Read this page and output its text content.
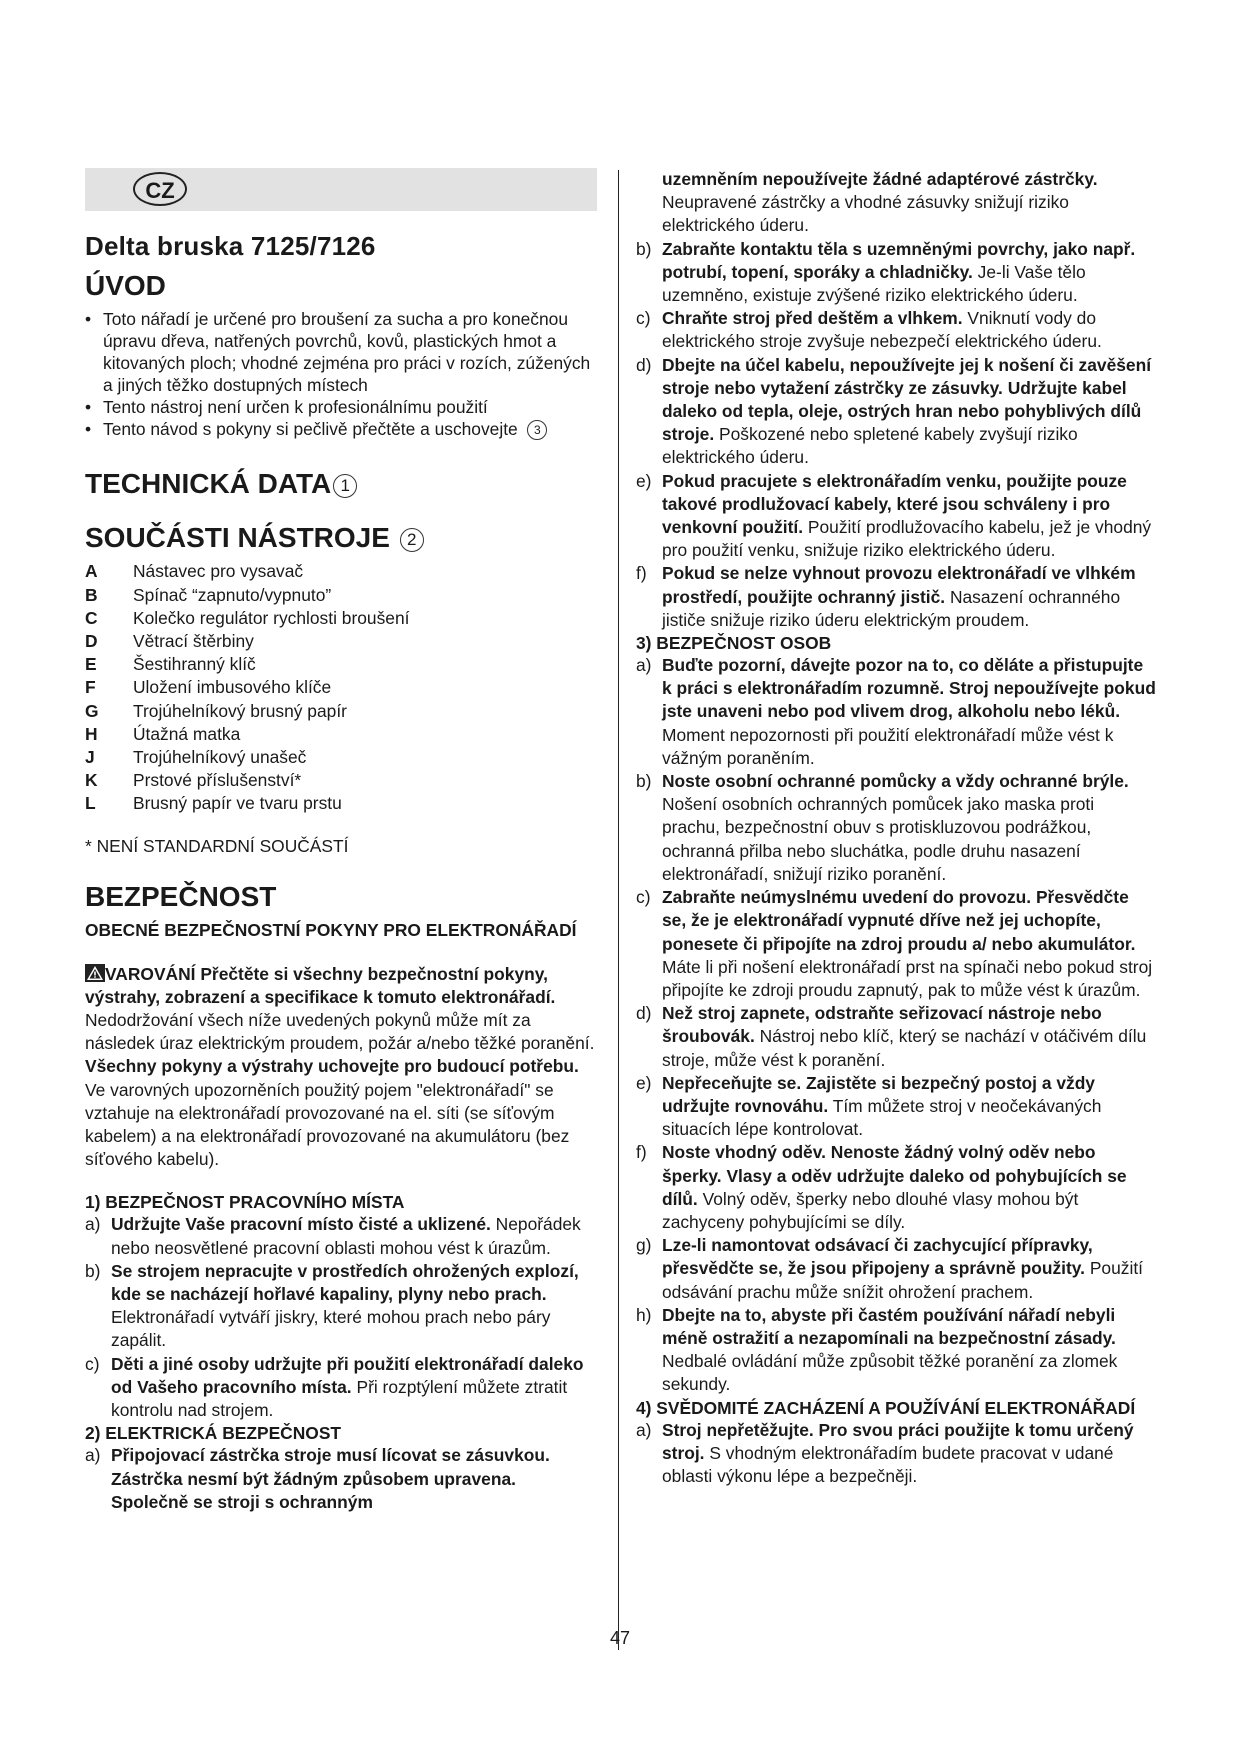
CZ
Delta bruska 7125/7126
ÚVOD
• Toto nářadí je určené pro broušení za sucha a pro konečnou úpravu dřeva, natřených povrchů, kovů, plastických hmot a kitovaných ploch; vhodné zejména pro práci v rozích, zúžených a jiných těžko dostupných místech
• Tento nástroj není určen k profesionálnímu použití
• Tento návod s pokyny si pečlivě přečtěte a uschovejte 3
TECHNICKÁ DATA 1
SOUČÁSTI NÁSTROJE 2
A	Nástavec pro vysavač
B	Spínač “zapnuto/vypnuto”
C	Kolečko regulátor rychlosti broušení
D	Větrací štěrbiny
E	Šestihranný klíč
F	Uložení imbusového klíče
G	Trojúhelníkový brusný papír
H	Útažná matka
J	Trojúhelníkový unašeč
K	Prstové příslušenství*
L	Brusný papír ve tvaru prstu
* NENÍ STANDARDNÍ SOUČÁSTÍ
BEZPEČNOST
OBECNÉ BEZPEČNOSTNÍ POKYNY PRO ELEKTRONÁŘADÍ
VAROVÁNÍ Přečtěte si všechny bezpečnostní pokyny, výstrahy, zobrazení a specifikace k tomuto elektronářadí. Nedodržování všech níže uvedených pokynů může mít za následek úraz elektrickým proudem, požár a/nebo těžké poranění. Všechny pokyny a výstrahy uchovejte pro budoucí potřebu. Ve varovných upozorněních použitý pojem "elektronářadí" se vztahuje na elektronářadí provozované na el. síti (se síťovým kabelem) a na elektronářadí provozované na akumulátoru (bez síťového kabelu).
1) BEZPEČNOST PRACOVNÍHO MÍSTA
a) Udržujte Vaše pracovní místo čisté a uklizené. Nepořádek nebo neosvětlené pracovní oblasti mohou vést k úrazům.
b) Se strojem nepracujte v prostředích ohrožených explozí, kde se nacházejí hořlavé kapaliny, plyny nebo prach. Elektronářadí vytváří jiskry, které mohou prach nebo páry zapálit.
c) Děti a jiné osoby udržujte při použití elektronářadí daleko od Vašeho pracovního místa. Při rozptýlení můžete ztratit kontrolu nad strojem.
2) ELEKTRICKÁ BEZPEČNOST
a) Připojovací zástrčka stroje musí lícovat se zásuvkou. Zástrčka nesmí být žádným způsobem upravena. Společně se stroji s ochranným
uzemněním nepoužívejte žádné adaptérové zástrčky. Neupravené zástrčky a vhodné zásuvky snižují riziko elektrického úderu.
b) Zabraňte kontaktu těla s uzemněnými povrchy, jako např. potrubí, topení, sporáky a chladničky. Je-li Vaše tělo uzemněno, existuje zvýšené riziko elektrického úderu.
c) Chraňte stroj před deštěm a vlhkem. Vniknutí vody do elektrického stroje zvyšuje nebezpečí elektrického úderu.
d) Dbejte na účel kabelu, nepoužívejte jej k nošení či zavěšení stroje nebo vytažení zástrčky ze zásuvky. Udržujte kabel daleko od tepla, oleje, ostrých hran nebo pohyblivých dílů stroje. Poškozené nebo spletené kabely zvyšují riziko elektrického úderu.
e) Pokud pracujete s elektronářadím venku, použijte pouze takové prodlužovací kabely, které jsou schváleny i pro venkovní použití. Použití prodlužovacího kabelu, jež je vhodný pro použití venku, snižuje riziko elektrického úderu.
f) Pokud se nelze vyhnout provozu elektronářadí ve vlhkém prostředí, použijte ochranný jistič. Nasazení ochranného jističe snižuje riziko úderu elektrickým proudem.
3) BEZPEČNOST OSOB
a) Buďte pozorní, dávejte pozor na to, co děláte a přistupujte k práci s elektronářadím rozumně. Stroj nepoužívejte pokud jste unaveni nebo pod vlivem drog, alkoholu nebo léků. Moment nepozornosti při použití elektronářadí může vést k vážným poraněním.
b) Noste osobní ochranné pomůcky a vždy ochranné brýle. Nošení osobních ochranných pomůcek jako maska proti prachu, bezpečnostní obuv s protiskluzovou podrážkou, ochranná přilba nebo sluchátka, podle druhu nasazení elektronářadí, snižují riziko poranění.
c) Zabraňte neúmyslnému uvedení do provozu. Přesvědčte se, že je elektronářadí vypnuté dříve než jej uchopíte, ponesete či připojíte na zdroj proudu a/ nebo akumulátor. Máte li při nošení elektronářadí prst na spínači nebo pokud stroj připojíte ke zdroji proudu zapnutý, pak to může vést k úrazům.
d) Než stroj zapnete, odstraňte seřizovací nástroje nebo šroubovák. Nástroj nebo klíč, který se nachází v otáčivém dílu stroje, může vést k poranění.
e) Nepřeceňujte se. Zajistěte si bezpečný postoj a vždy udržujte rovnováhu. Tím můžete stroj v neočekávaných situacích lépe kontrolovat.
f) Noste vhodný oděv. Nenoste žádný volný oděv nebo šperky. Vlasy a oděv udržujte daleko od pohybujících se dílů. Volný oděv, šperky nebo dlouhé vlasy mohou být zachyceny pohybujícími se díly.
g) Lze-li namontovat odsávací či zachycující přípravky, přesvědčte se, že jsou připojeny a správně použity. Použití odsávání prachu může snížit ohrožení prachem.
h) Dbejte na to, abyste při častém používání nářadí nebyli méně ostražití a nezapomínali na bezpečnostní zásady. Nedbalé ovládání může způsobit těžké poranění za zlomek sekundy.
4) SVĚDOMITÉ ZACHÁZENÍ A POUŽÍVÁNÍ ELEKTRONÁŘADÍ
a) Stroj nepřetěžujte. Pro svou práci použijte k tomu určený stroj. S vhodným elektronářadím budete pracovat v udané oblasti výkonu lépe a bezpečněji.
47
